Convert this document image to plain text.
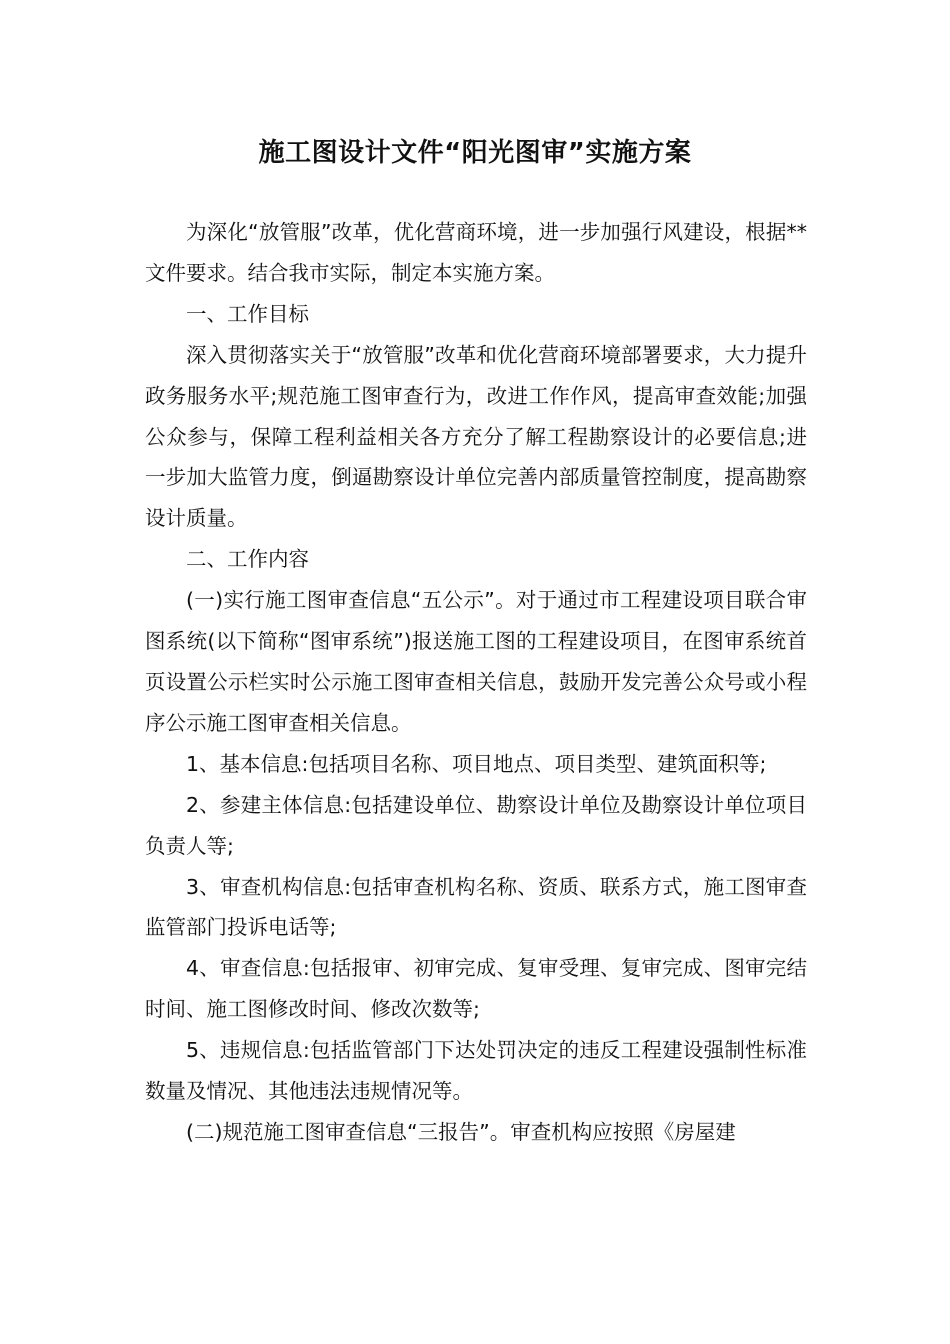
施工图设计文件“阳光图审”实施方案

为深化“放管服”改革，优化营商环境，进一步加强行风建设，根据**文件要求。结合我市实际，制定本实施方案。

一、工作目标

深入贯彻落实关于“放管服”改革和优化营商环境部署要求，大力提升政务服务水平;规范施工图审查行为，改进工作作风，提高审查效能;加强公众参与，保障工程利益相关各方充分了解工程勘察设计的必要信息;进一步加大监管力度，倒逼勘察设计单位完善内部质量管控制度，提高勘察设计质量。

二、工作内容

(一)实行施工图审查信息“五公示”。对于通过市工程建设项目联合审图系统(以下简称“图审系统”)报送施工图的工程建设项目，在图审系统首页设置公示栏实时公示施工图审查相关信息，鼓励开发完善公众号或小程序公示施工图审查相关信息。

1、基本信息:包括项目名称、项目地点、项目类型、建筑面积等;

2、参建主体信息:包括建设单位、勘察设计单位及勘察设计单位项目负责人等;

3、审查机构信息:包括审查机构名称、资质、联系方式，施工图审查监管部门投诉电话等;

4、审查信息:包括报审、初审完成、复审受理、复审完成、图审完结时间、施工图修改时间、修改次数等;

5、违规信息:包括监管部门下达处罚决定的违反工程建设强制性标准数量及情况、其他违法违规情况等。

(二)规范施工图审查信息“三报告”。审查机构应按照《房屋建
